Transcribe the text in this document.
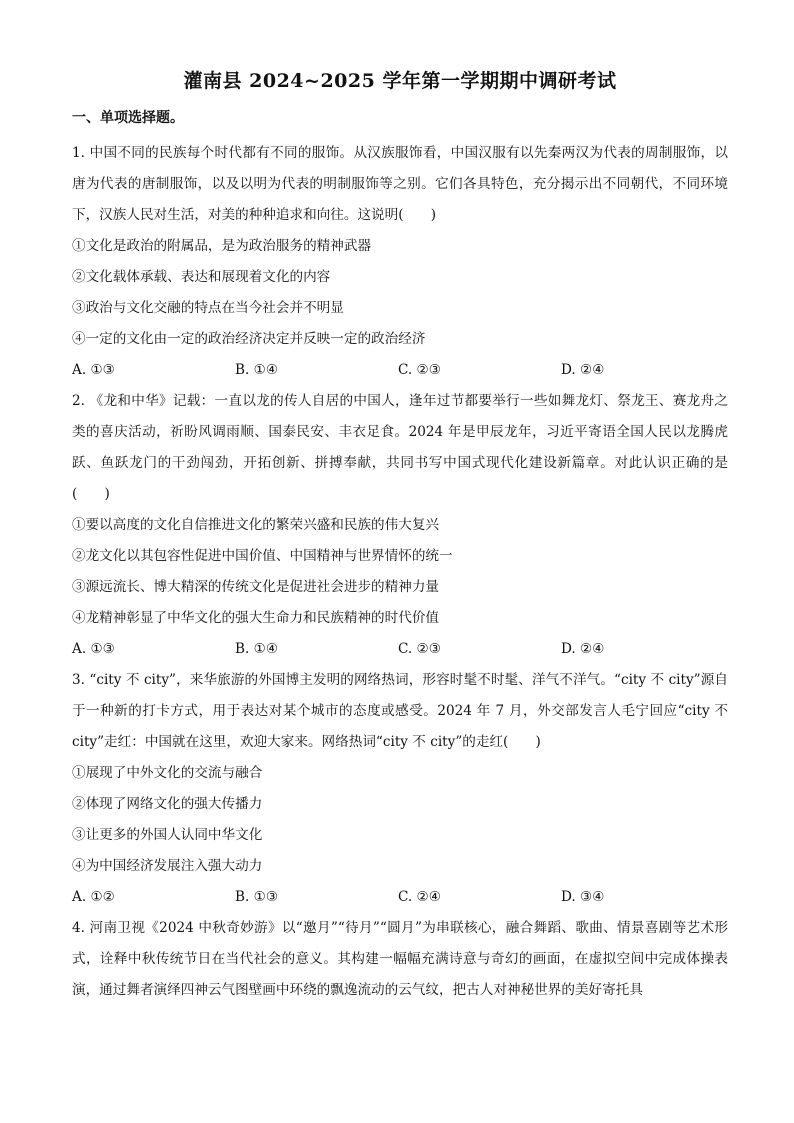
灌南县 2024~2025 学年第一学期期中调研考试
一、单项选择题。

1. 中国不同的民族每个时代都有不同的服饰。从汉族服饰看，中国汉服有以先秦两汉为代表的周制服饰，以唐为代表的唐制服饰，以及以明为代表的明制服饰等之别。它们各具特色，充分揭示出不同朝代，不同环境下，汉族人民对生活，对美的种种追求和向往。这说明(　　)

①文化是政治的附属品，是为政治服务的精神武器

②文化载体承载、表达和展现着文化的内容

③政治与文化交融的特点在当今社会并不明显

④一定的文化由一定的政治经济决定并反映一定的政治经济

A. ①③	B. ①④	C. ②③	D. ②④

2. 《龙和中华》记载：一直以龙的传人自居的中国人，逢年过节都要举行一些如舞龙灯、祭龙王、赛龙舟之类的喜庆活动，祈盼风调雨顺、国泰民安、丰衣足食。2024 年是甲辰龙年，习近平寄语全国人民以龙腾虎跃、鱼跃龙门的干劲闯劲，开拓创新、拼搏奉献，共同书写中国式现代化建设新篇章。对此认识正确的是(　　)

①要以高度的文化自信推进文化的繁荣兴盛和民族的伟大复兴

②龙文化以其包容性促进中国价值、中国精神与世界情怀的统一

③源远流长、博大精深的传统文化是促进社会进步的精神力量

④龙精神彰显了中华文化的强大生命力和民族精神的时代价值

A. ①③	B. ①④	C. ②③	D. ②④

3. “city 不 city”，来华旅游的外国博主发明的网络热词，形容时髦不时髦、洋气不洋气。“city 不 city”源自于一种新的打卡方式，用于表达对某个城市的态度或感受。2024 年 7 月，外交部发言人毛宁回应“city 不 city”走红：中国就在这里，欢迎大家来。网络热词“city 不 city”的走红(　　)

①展现了中外文化的交流与融合

②体现了网络文化的强大传播力

③让更多的外国人认同中华文化

④为中国经济发展注入强大动力

A. ①②	B. ①③	C. ②④	D. ③④

4. 河南卫视《2024 中秋奇妙游》以“邀月”“待月”“圆月”为串联核心，融合舞蹈、歌曲、情景喜剧等艺术形式，诠释中秋传统节日在当代社会的意义。其构建一幅幅充满诗意与奇幻的画面，在虚拟空间中完成体操表演，通过舞者演绎四神云气图壁画中环绕的飘逸流动的云气纹，把古人对神秘世界的美好寄托具
